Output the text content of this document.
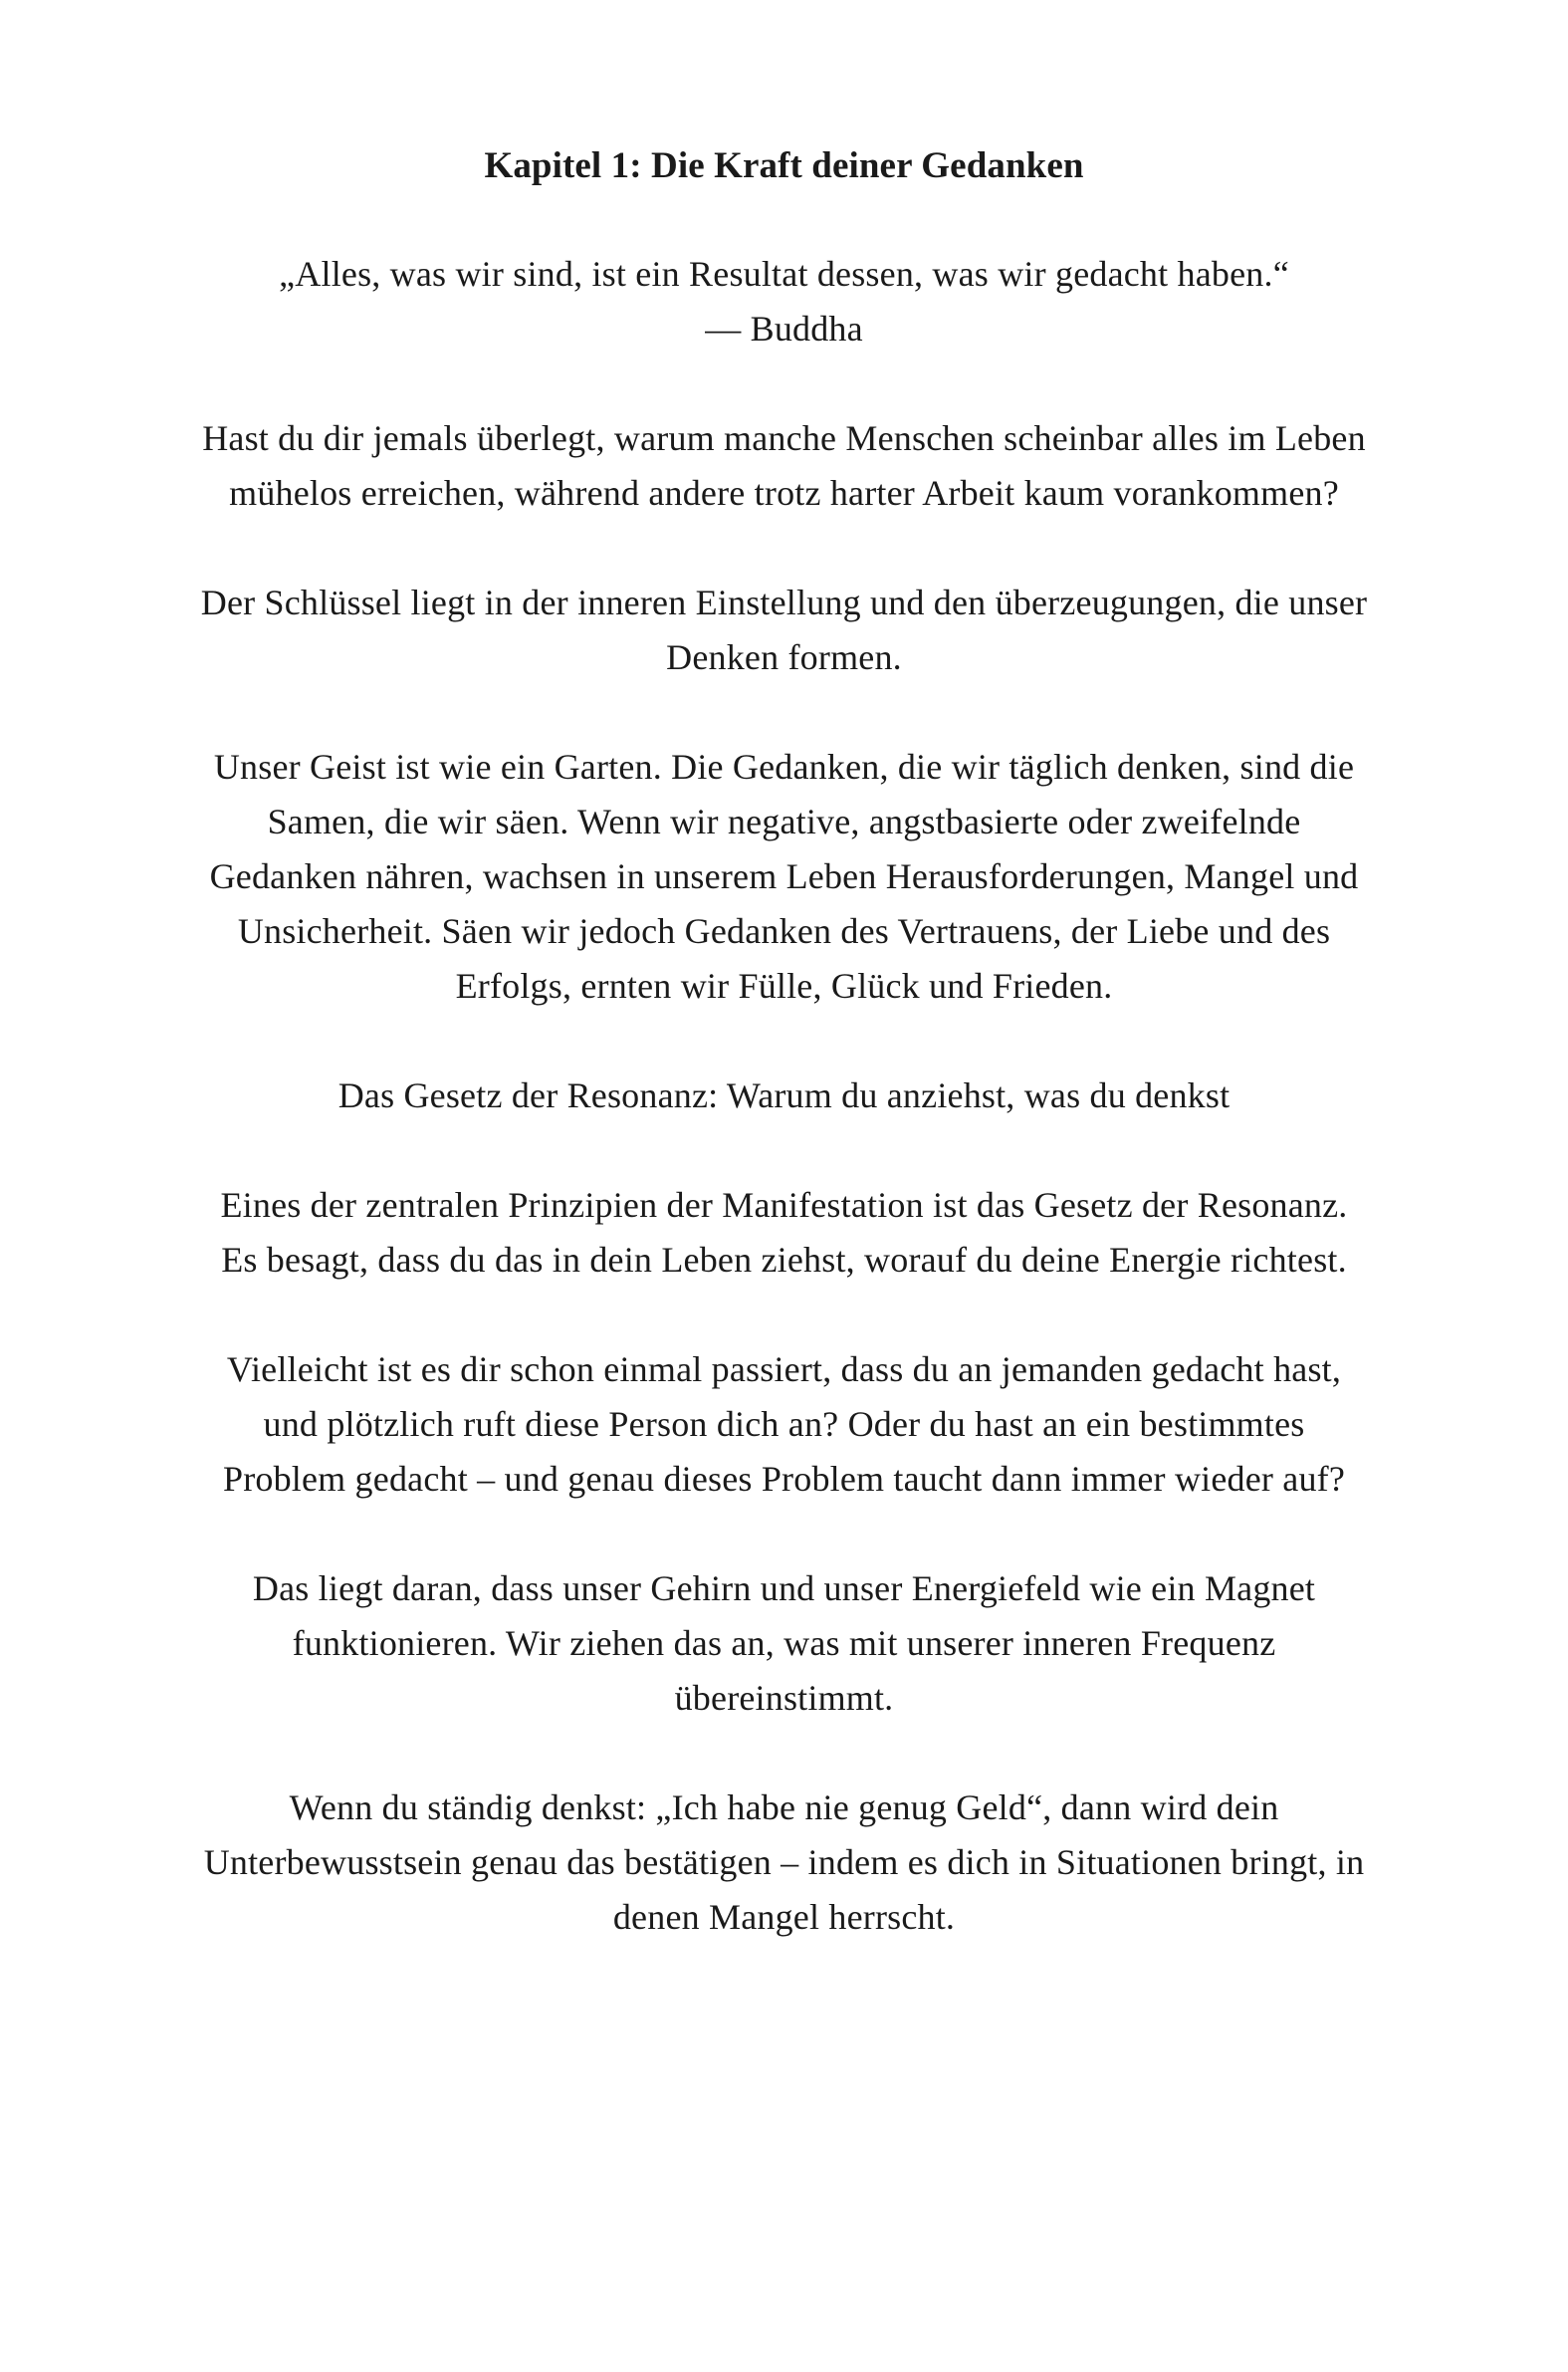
Kapitel 1: Die Kraft deiner Gedanken

„Alles, was wir sind, ist ein Resultat dessen, was wir gedacht haben.“

— Buddha

Hast du dir jemals überlegt, warum manche Menschen scheinbar alles im Leben

mühelos erreichen, während andere trotz harter Arbeit kaum vorankommen?

Der Schlüssel liegt in der inneren Einstellung und den überzeugungen, die unser

Denken formen.

Unser Geist ist wie ein Garten. Die Gedanken, die wir täglich denken, sind die

Samen, die wir säen. Wenn wir negative, angstbasierte oder zweifelnde

Gedanken nähren, wachsen in unserem Leben Herausforderungen, Mangel und

Unsicherheit. Säen wir jedoch Gedanken des Vertrauens, der Liebe und des

Erfolgs, ernten wir Fülle, Glück und Frieden.

Das Gesetz der Resonanz: Warum du anziehst, was du denkst

Eines der zentralen Prinzipien der Manifestation ist das Gesetz der Resonanz.

Es besagt, dass du das in dein Leben ziehst, worauf du deine Energie richtest.

Vielleicht ist es dir schon einmal passiert, dass du an jemanden gedacht hast,

und plötzlich ruft diese Person dich an? Oder du hast an ein bestimmtes

Problem gedacht – und genau dieses Problem taucht dann immer wieder auf?

Das liegt daran, dass unser Gehirn und unser Energiefeld wie ein Magnet

funktionieren. Wir ziehen das an, was mit unserer inneren Frequenz

übereinstimmt.

Wenn du ständig denkst: „Ich habe nie genug Geld“, dann wird dein

Unterbewusstsein genau das bestätigen – indem es dich in Situationen bringt, in

denen Mangel herrscht.
